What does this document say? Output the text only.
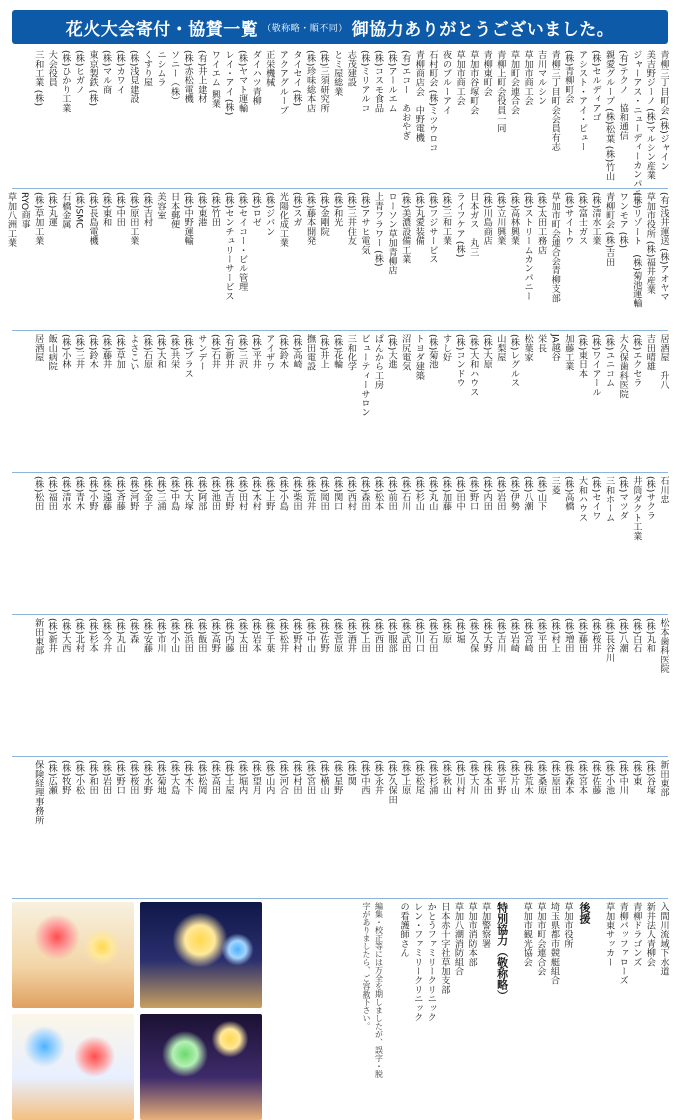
花火大会寄付・協賛一覧 （敬称略・順不同） 御協力ありがとうございました。
青柳三丁目町会 (株)ジャイン
美吉野ジーノ (株)マルシン産業
ジャーアス・ニューディーカンパニー
(有)テクノ　協和通信
親愛グループ (株)松葉 (株)竹山
(株)セルディアゴ
アシスト・アイ・ピュー
(株)青柳町会
青柳三丁目町会会員有志
吉川マルシン
草加市商工会
草加町会連合会
青柳上町会役員一同
青柳東町会
草加市谷塚町会
草加市商工会
夜のブルーアイ
石村町会 (株)ミツウロコ
青柳商店会　中野電機
(有)エコー　あおやぎ
(株)アールエム
(株)コスモ食品
(株)ミリアルコ
志茂建設
とミ屋総業
(株)三須研究所
(株)珍味総本店
タイセイ (株)
アクアグループ
正栄機械
ダイハツ青柳
(株)ヤマト運輸
レイ・アイ (株)
ワイエム 興業
(有)井上建材
(株)赤松電機
ソニー（株）
ニシムラ
くすり屋
(株)浅見建設
(株)カワイ
(株)マル商
東京製鉄 (株)
(株)ヒガノ
(株)ひかり工業
大会役員
三和工業 (株)
(有)浅井運送 (株)アオヤマ
草加市役所 (株)福井産業
(株)リゾート　(株)菊池運輸
ワンモア (株)
青柳町会 (株)吉田
(株)清水工業
(株)富士ガス
(株)サイトウ
草加市町会連合会青柳支部
(株)太田工務店
(株)ストリームカンパニー
(株)高林興業
(株)立川興業
(株)川島商店
日本ガス　丸三
ライフケア (株)
(株)三和工業
(株)フジサービス
(株)丸愛装備
(株)美濃設備工業
ローソン草加青柳店
上青フラワー (株)
(株)アサヒ電気
(株)三井住友
(株)和光
(株)金剛院
(株)藤本開発
(株)スガ
光陽化成工業
(株)ジバン
(株)ロゼ
(株)セイコー・ビル管理
(株)センチュリーサービス
(株)竹田
(株)東港
(株)中野運輸
日本郵便
美容室
(株)吉村
(株)原田工業
(株)中田
(株)東和
(株)長島電機
(株)SMC
石橋金属
(株)丸運
(株)草加工業
RYO商事
草加八洲工業
居酒屋　升八
吉田晴雄
(株)エクセラ
大久保歯科医院
(株)ユニコム
(株)ワイアール
(株)東日本
加藤工業
JA越谷
栄長
松葉家
(株)レグルス
山梨屋
(株)大原
(株)大和ハウス
(株)コンドウ
すし好
(株)菊池
トヨダ建築
沼尻電気
(株)大進
ぱんから工房
ビューティーサロン
三和化学
(株)花輪
(株)井上
撫田電設
(株)高崎
(株)鈴木
アイザワ
(株)平井
(株)三沢
(有)新井
(株)石井
サンデー
(株)プラス
(株)共栄
(株)大和
(株)石原
よさこい
(株)草加
(株)藤井
(株)鈴木
(株)三井
(株)小林
飯山病院
居酒屋
石川忠
(株)サクラ
井筒ダクト工業
(株)マツダ
三和ホーム
(株)セイワ
大和ハウス
(株)高橋
三菱
(株)山下
(株)八潮
(株)伊勢
(株)岩田
(株)内田
(株)野口
(株)田中
(株)加藤
(株)丸山
(株)杉山
(株)石川
(株)前田
(株)松本
(株)森田
(株)西村
(株)関口
(株)岡田
(株)荒井
(株)柴田
(株)小島
(株)上野
(株)木村
(株)田村
(株)吉野
(株)池田
(株)阿部
(株)大塚
(株)中島
(株)三浦
(株)金子
(株)河野
(株)斉藤
(株)遠藤
(株)小野
(株)青木
(株)清水
(株)福田
(株)松田
松本歯科医院
(株)丸和
(株)白石
(株)八潮
(株)長谷川
(株)桜井
(株)藤田
(株)増田
(株)村上
(株)平田
(株)宮崎
(株)岩崎
(株)吉川
(株)大野
(株)久保
(株)堀
(株)原
(株)石田
(株)川口
(株)武田
(株)服部
(株)西田
(株)上田
(株)酒井
(株)菅原
(株)佐野
(株)中山
(株)野村
(株)松井
(株)千葉
(株)岩本
(株)太田
(株)内藤
(株)高野
(株)飯田
(株)浜田
(株)小山
(株)市川
(株)安藤
(株)森
(株)丸山
(株)今井
(株)杉本
(株)北村
(株)大西
(株)新井
新田東部
新田東部
(株)谷塚
(株)東
(株)中川
(株)小池
(株)佐藤
(株)宮本
(株)森本
(株)原田
(株)桑原
(株)荒木
(株)片山
(株)平野
(株)本田
(株)大川
(株)川村
(株)秋山
(株)杉浦
(株)松尾
(株)上原
(株)久保田
(株)永井
(株)中西
(株)関
(株)星野
(株)横山
(株)宮田
(株)村田
(株)河合
(株)山内
(株)望月
(株)堀内
(株)土屋
(株)高田
(株)松岡
(株)木下
(株)大島
(株)菊地
(株)水野
(株)桜田
(株)野口
(株)岩田
(株)和田
(株)小松
(株)牧野
(株)広瀬
保険経理事務所
入間川流域下水道
新井法人青柳会
青柳ドラゴンズ
青柳パッファローズ
草加東サッカー
後援
草加市役所
埼玉県都市競艇組合
草加市町会連合会
草加市観光協会
特別協力（敬称略）
草加警察署
草加市消防本部
草加八潮消防組合
日本赤十字社草加支部
かとうファミリークリニック
レン・ファミリークリニック
の看護師さん
編集・校正等には万全を期しましたが、誤字・脱
字がありましたら、ご容赦下さい。
